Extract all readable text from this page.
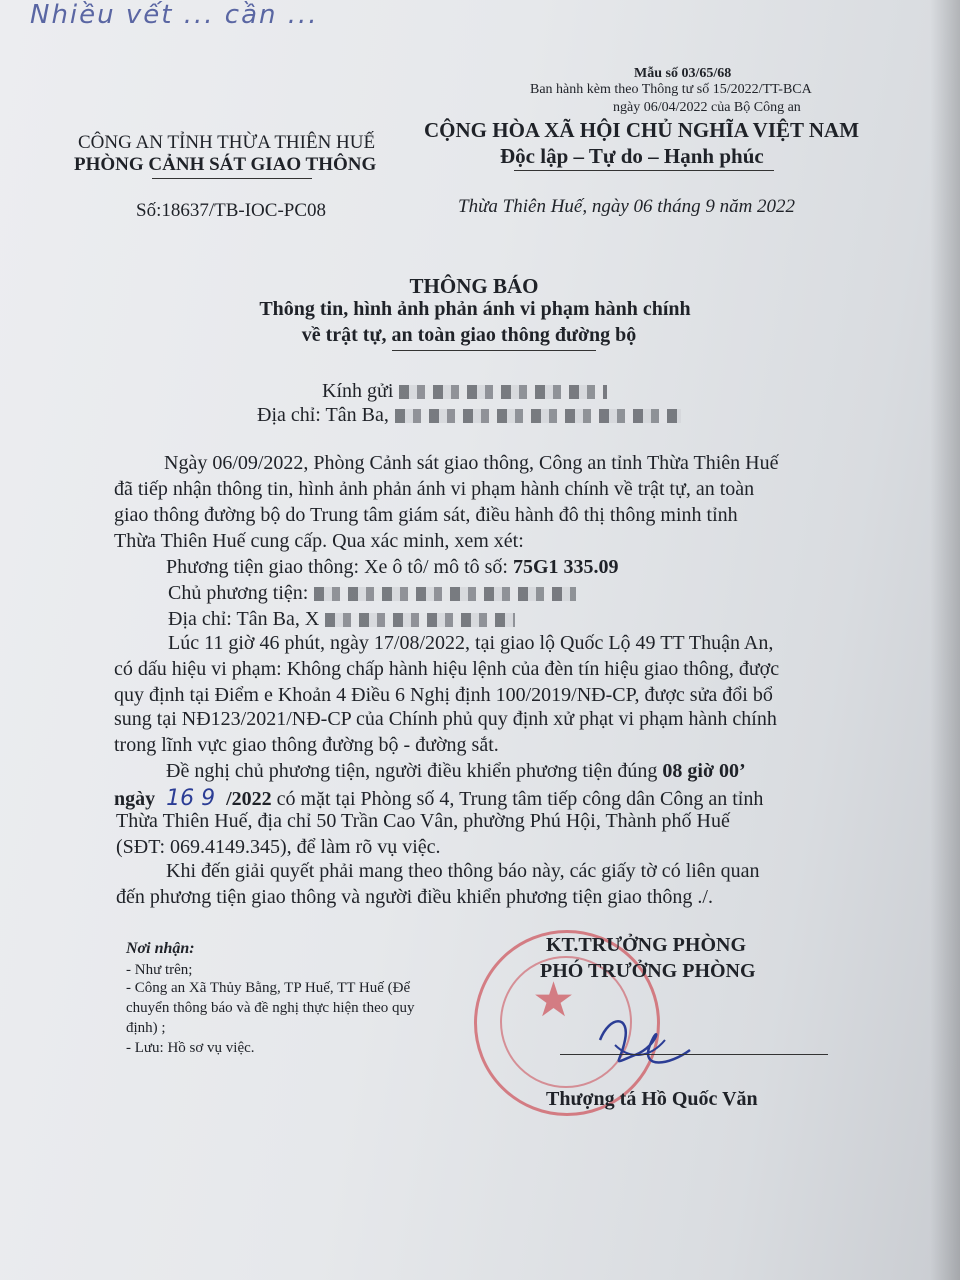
Nhiều vết ... cần ...
Mẫu số 03/65/68
Ban hành kèm theo Thông tư số 15/2022/TT-BCA
ngày 06/04/2022 của Bộ Công an
CÔNG AN TỈNH THỪA THIÊN HUẾ
PHÒNG CẢNH SÁT GIAO THÔNG
CỘNG HÒA XÃ HỘI CHỦ NGHĨA VIỆT NAM
Độc lập – Tự do – Hạnh phúc
Số:18637/TB-IOC-PC08	Thừa Thiên Huế, ngày 06 tháng 9 năm 2022
THÔNG BÁO
Thông tin, hình ảnh phản ánh vi phạm hành chính
về trật tự, an toàn giao thông đường bộ
Kính gửi
Địa chỉ: Tân Ba,
Ngày 06/09/2022, Phòng Cảnh sát giao thông, Công an tỉnh Thừa Thiên Huế
đã tiếp nhận thông tin, hình ảnh phản ánh vi phạm hành chính về trật tự, an toàn
giao thông đường bộ do Trung tâm giám sát, điều hành đô thị thông minh tỉnh
Thừa Thiên Huế cung cấp. Qua xác minh, xem xét:
Phương tiện giao thông: Xe ô tô/ mô tô số: 75G1 335.09
Chủ phương tiện:
Địa chỉ: Tân Ba, X
Lúc 11 giờ 46 phút, ngày 17/08/2022, tại giao lộ Quốc Lộ 49 TT Thuận An,
có dấu hiệu vi phạm: Không chấp hành hiệu lệnh của đèn tín hiệu giao thông, được
quy định tại Điểm e Khoản 4 Điều 6 Nghị định 100/2019/NĐ-CP, được sửa đổi bổ
sung tại NĐ123/2021/NĐ-CP của Chính phủ quy định xử phạt vi phạm hành chính
trong lĩnh vực giao thông đường bộ - đường sắt.
Đề nghị chủ phương tiện, người điều khiển phương tiện đúng 08 giờ 00’
ngày 16 9 /2022 có mặt tại Phòng số 4, Trung tâm tiếp công dân Công an tỉnh
Thừa Thiên Huế, địa chỉ 50 Trần Cao Vân, phường Phú Hội, Thành phố Huế
(SĐT: 069.4149.345), để làm rõ vụ việc.
Khi đến giải quyết phải mang theo thông báo này, các giấy tờ có liên quan
đến phương tiện giao thông và người điều khiển phương tiện giao thông ./.
Nơi nhận:
- Như trên;
- Công an Xã Thủy Bằng, TP Huế, TT Huế (Để
chuyển thông báo và đề nghị thực hiện theo quy
định) ;
- Lưu: Hồ sơ vụ việc.
★
KT.TRƯỞNG PHÒNG
PHÓ TRƯỞNG PHÒNG
Thượng tá Hồ Quốc Văn
